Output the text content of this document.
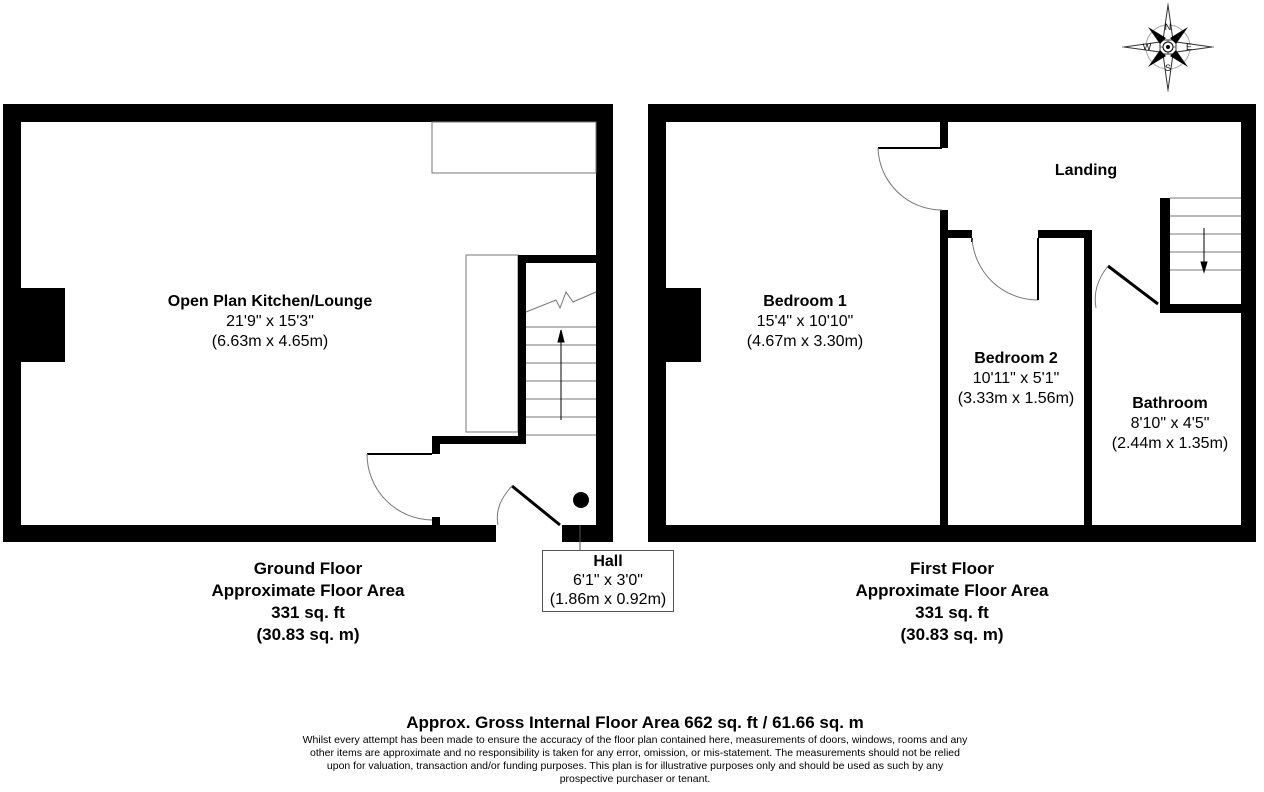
N
S
E
W
Open Plan Kitchen/Lounge
21'9" x 15'3"
(6.63m x 4.65m)
Landing
Bedroom 1
15'4" x 10'10"
(4.67m x 3.30m)
Bedroom 2
10'11" x 5'1"
(3.33m x 1.56m)	Bathroom
8'10" x 4'5"
(2.44m x 1.35m)
Hall
6'1" x 3'0"
(1.86m x 0.92m)
Ground Floor
Approximate Floor Area
331 sq. ft
(30.83 sq. m)
First Floor
Approximate Floor Area
331 sq. ft
(30.83 sq. m)
Approx. Gross Internal Floor Area 662 sq. ft / 61.66 sq. m
Whilst every attempt has been made to ensure the accuracy of the floor plan contained here, measurements of doors, windows, rooms and any other items are approximate and no responsibility is taken for any error, omission, or mis-statement. The measurements should not be relied upon for valuation, transaction and/or funding purposes. This plan is for illustrative purposes only and should be used as such by any prospective purchaser or tenant.
